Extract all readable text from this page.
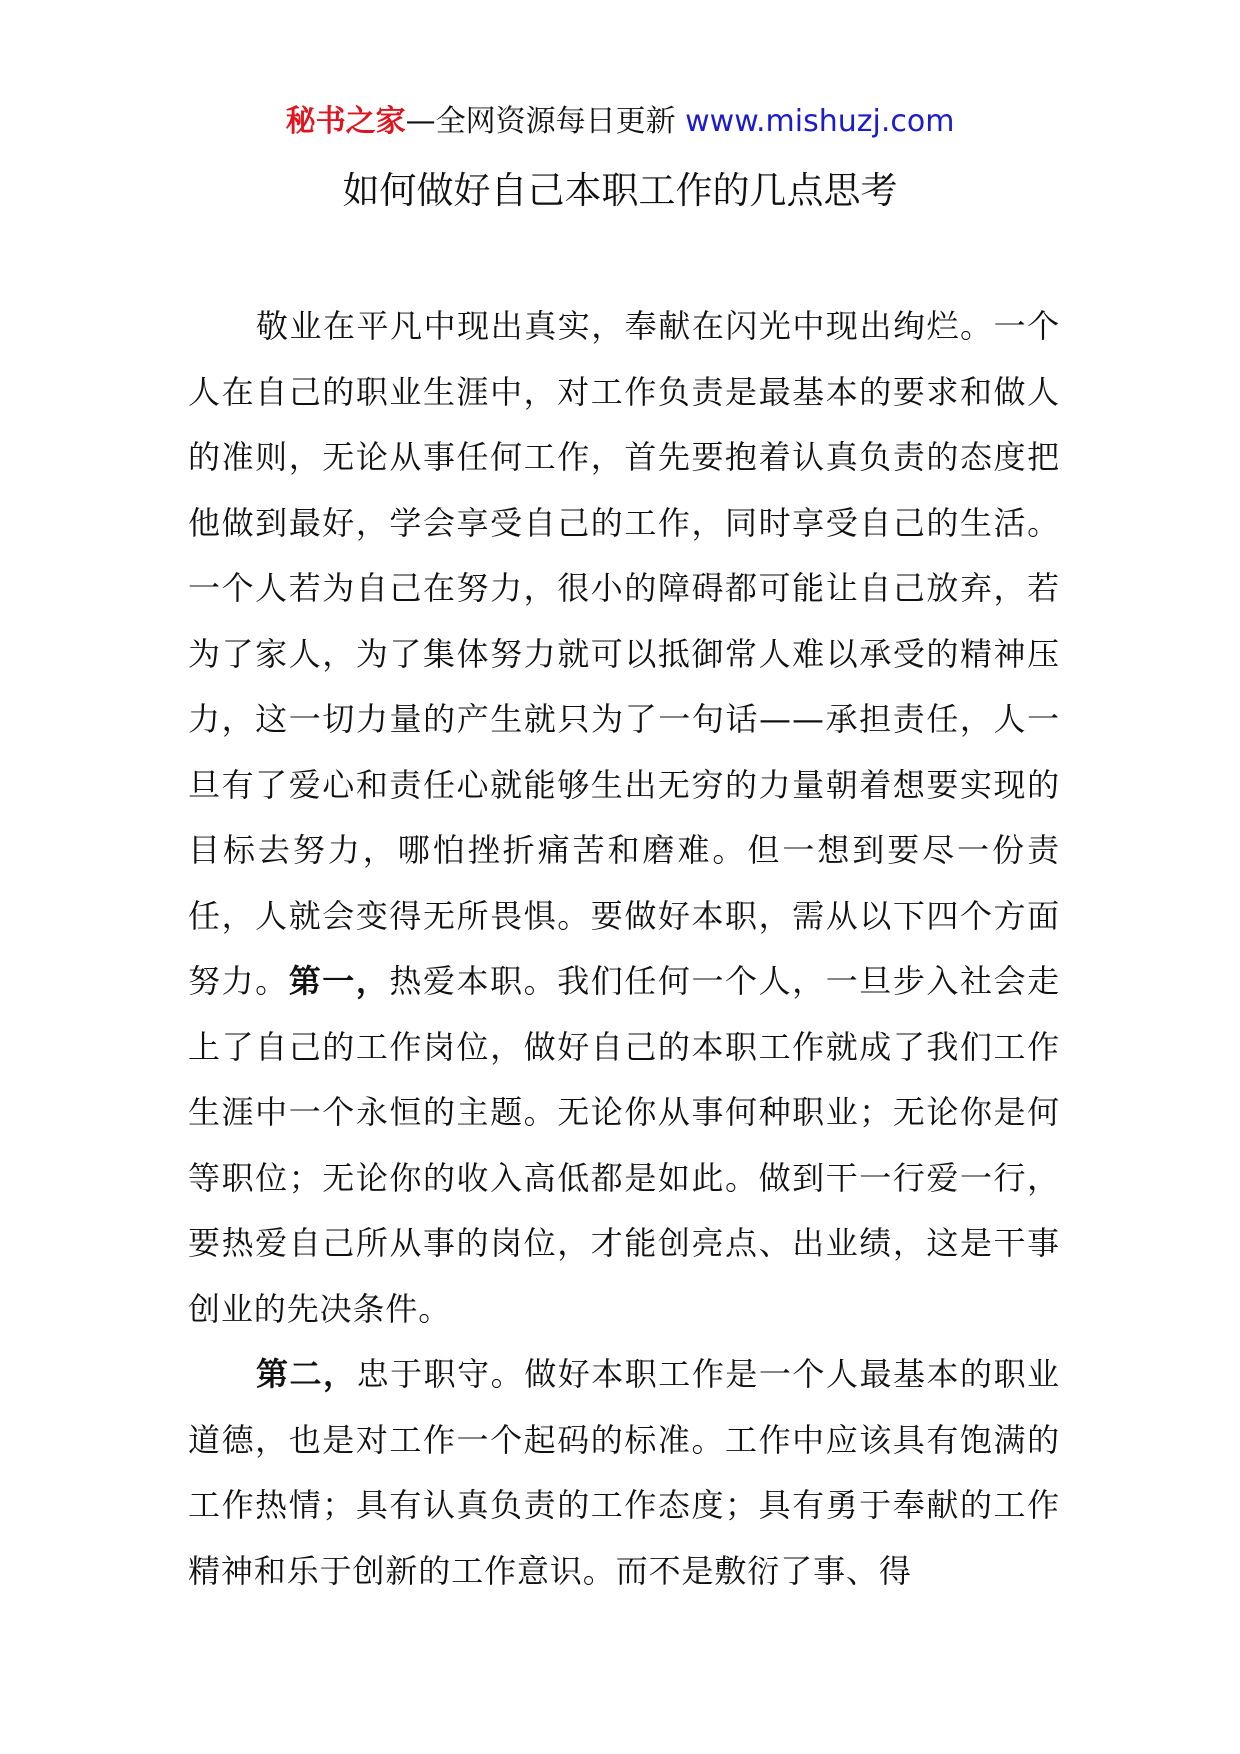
秘书之家—全网资源每日更新 www.mishuzj.com
如何做好自己本职工作的几点思考

敬业在平凡中现出真实，奉献在闪光中现出绚烂。一个人在自己的职业生涯中，对工作负责是最基本的要求和做人的准则，无论从事任何工作，首先要抱着认真负责的态度把他做到最好，学会享受自己的工作，同时享受自己的生活。一个人若为自己在努力，很小的障碍都可能让自己放弃，若为了家人，为了集体努力就可以抵御常人难以承受的精神压力，这一切力量的产生就只为了一句话——承担责任，人一旦有了爱心和责任心就能够生出无穷的力量朝着想要实现的目标去努力，哪怕挫折痛苦和磨难。但一想到要尽一份责任，人就会变得无所畏惧。要做好本职，需从以下四个方面努力。第一，热爱本职。我们任何一个人，一旦步入社会走上了自己的工作岗位，做好自己的本职工作就成了我们工作生涯中一个永恒的主题。无论你从事何种职业；无论你是何等职位；无论你的收入高低都是如此。做到干一行爱一行，要热爱自己所从事的岗位，才能创亮点、出业绩，这是干事创业的先决条件。

第二，忠于职守。做好本职工作是一个人最基本的职业道德，也是对工作一个起码的标准。工作中应该具有饱满的工作热情；具有认真负责的工作态度；具有勇于奉献的工作精神和乐于创新的工作意识。而不是敷衍了事、得
